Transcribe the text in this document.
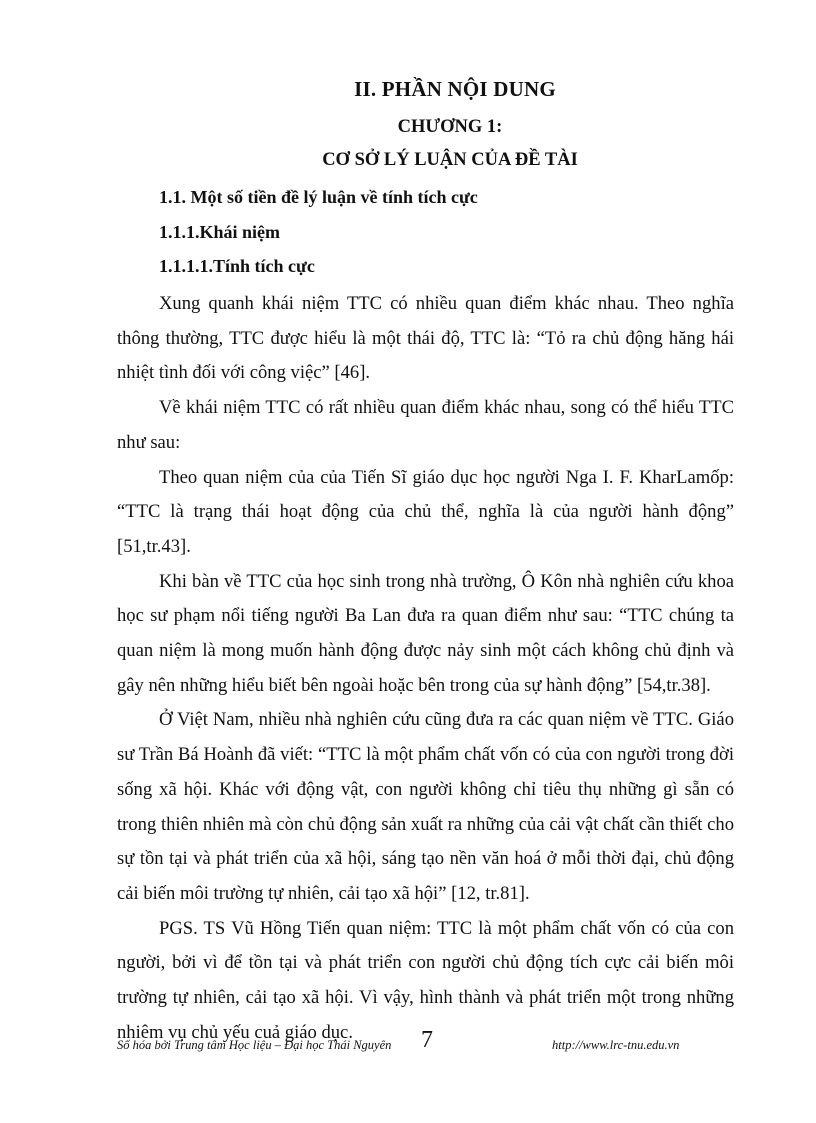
II. PHẦN NỘI DUNG
CHƯƠNG 1:
CƠ SỞ LÝ LUẬN CỦA ĐỀ TÀI
1.1. Một số tiền đề lý luận về tính tích cực
1.1.1.Khái niệm
1.1.1.1.Tính tích cực

Xung quanh khái niệm TTC có nhiều quan điểm khác nhau. Theo nghĩa thông thường, TTC được hiểu là một thái độ, TTC là: “Tỏ ra chủ động hăng hái nhiệt tình đối với công việc” [46].

Về khái niệm TTC có rất nhiều quan điểm khác nhau, song có thể hiểu TTC như sau:

Theo quan niệm của của Tiến Sĩ giáo dục học người Nga I. F. KharLamốp: “TTC là trạng thái hoạt động của chủ thể, nghĩa là của người hành động” [51,tr.43].

Khi bàn về TTC của học sinh trong nhà trường, Ô Kôn nhà nghiên cứu khoa học sư phạm nổi tiếng người Ba Lan đưa ra quan điểm như sau: “TTC chúng ta quan niệm là mong muốn hành động được nảy sinh một cách không chủ định và gây nên những hiểu biết bên ngoài hoặc bên trong của sự hành động” [54,tr.38].

Ở Việt Nam, nhiều nhà nghiên cứu cũng đưa ra các quan niệm về TTC. Giáo sư Trần Bá Hoành đã viết: “TTC là một phẩm chất vốn có của con người trong đời sống xã hội. Khác với động vật, con người không chỉ tiêu thụ những gì sẵn có trong thiên nhiên mà còn chủ động sản xuất ra những của cải vật chất cần thiết cho sự tồn tại và phát triển của xã hội, sáng tạo nền văn hoá ở mỗi thời đại, chủ động cải biến môi trường tự nhiên, cải tạo xã hội” [12, tr.81].

PGS. TS Vũ Hồng Tiến quan niệm: TTC là một phẩm chất vốn có của con người, bởi vì để tồn tại và phát triển con người chủ động tích cực cải biến môi trường tự nhiên, cải tạo xã hội. Vì vậy, hình thành và phát triển một trong những nhiêm vụ chủ yếu cuả giáo dục.

Số hóa bởi Trung tâm Học liệu – Đại học Thái Nguyên 7	http://www.lrc-tnu.edu.vn
